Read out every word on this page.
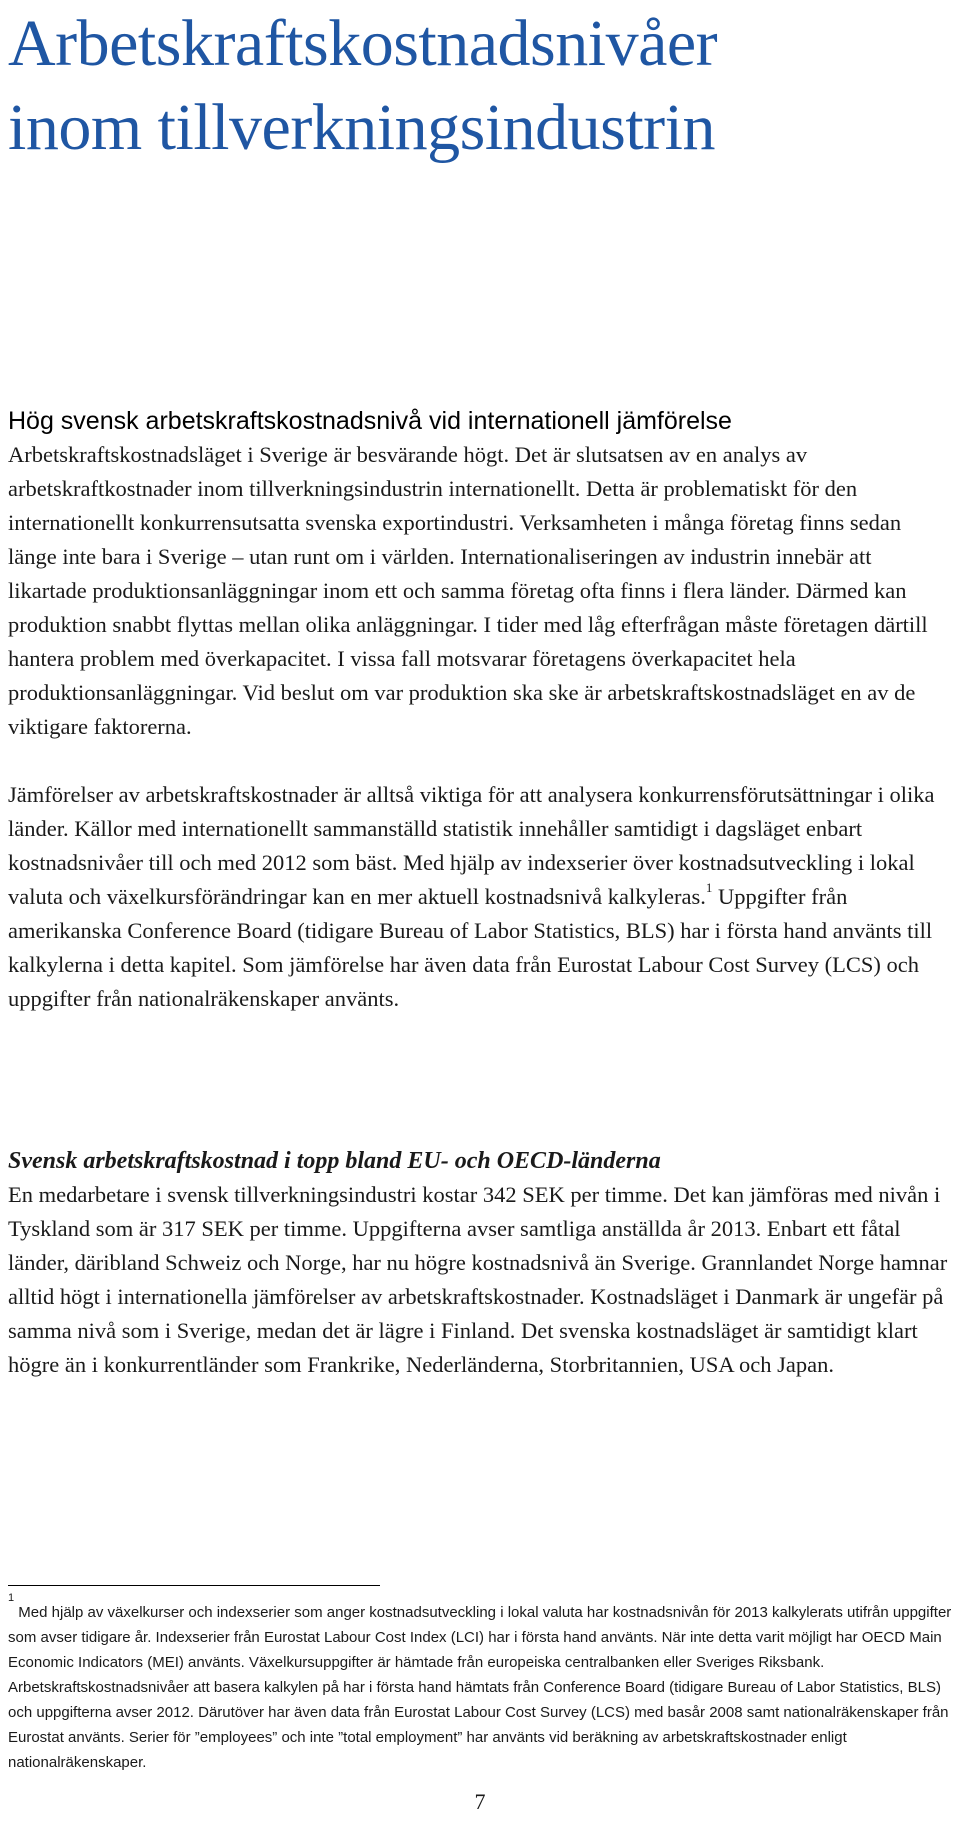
Arbetskraftskostnadsnivåer
inom tillverkningsindustrin
Hög svensk arbetskraftskostnadsnivå vid internationell jämförelse

Arbetskraftskostnadsläget i Sverige är besvärande högt. Det är slutsatsen av en analys av arbetskraftkostnader inom tillverkningsindustrin internationellt. Detta är problematiskt för den internationellt konkurrensutsatta svenska exportindustri. Verksamheten i många företag finns sedan länge inte bara i Sverige – utan runt om i världen. Internationaliseringen av industrin innebär att likartade produktionsanläggningar inom ett och samma företag ofta finns i flera länder. Därmed kan produktion snabbt flyttas mellan olika anläggningar. I tider med låg efterfrågan måste företagen därtill hantera problem med överkapacitet. I vissa fall motsvarar företagens överkapacitet hela produktionsanläggningar. Vid beslut om var produktion ska ske är arbetskraftskostnadsläget en av de viktigare faktorerna.

Jämförelser av arbetskraftskostnader är alltså viktiga för att analysera konkurrensförutsättningar i olika länder. Källor med internationellt sammanställd statistik innehåller samtidigt i dagsläget enbart kostnadsnivåer till och med 2012 som bäst. Med hjälp av indexserier över kostnadsutveckling i lokal valuta och växelkursförändringar kan en mer aktuell kostnadsnivå kalkyleras.$^1$ Uppgifter från amerikanska Conference Board (tidigare Bureau of Labor Statistics, BLS) har i första hand använts till kalkylerna i detta kapitel. Som jämförelse har även data från Eurostat Labour Cost Survey (LCS) och uppgifter från nationalräkenskaper använts.

Svensk arbetskraftskostnad i topp bland EU- och OECD-länderna

En medarbetare i svensk tillverkningsindustri kostar 342 SEK per timme. Det kan jämföras med nivån i Tyskland som är 317 SEK per timme. Uppgifterna avser samtliga anställda år 2013. Enbart ett fåtal länder, däribland Schweiz och Norge, har nu högre kostnadsnivå än Sverige. Grannlandet Norge hamnar alltid högt i internationella jämförelser av arbetskraftskostnader. Kostnadsläget i Danmark är ungefär på samma nivå som i Sverige, medan det är lägre i Finland. Det svenska kostnadsläget är samtidigt klart högre än i konkurrentländer som Frankrike, Nederländerna, Storbritannien, USA och Japan.

$^1$ Med hjälp av växelkurser och indexserier som anger kostnadsutveckling i lokal valuta har kostnadsnivån för 2013 kalkylerats utifrån uppgifter som avser tidigare år. Indexserier från Eurostat Labour Cost Index (LCI) har i första hand använts. När inte detta varit möjligt har OECD Main Economic Indicators (MEI) använts. Växelkursuppgifter är hämtade från europeiska centralbanken eller Sveriges Riksbank. Arbetskraftskostnadsnivåer att basera kalkylen på har i första hand hämtats från Conference Board (tidigare Bureau of Labor Statistics, BLS) och uppgifterna avser 2012. Därutöver har även data från Eurostat Labour Cost Survey (LCS) med basår 2008 samt nationalräkenskaper från Eurostat använts. Serier för ”employees” och inte ”total employment” har använts vid beräkning av arbetskraftskostnader enligt nationalräkenskaper.

7
